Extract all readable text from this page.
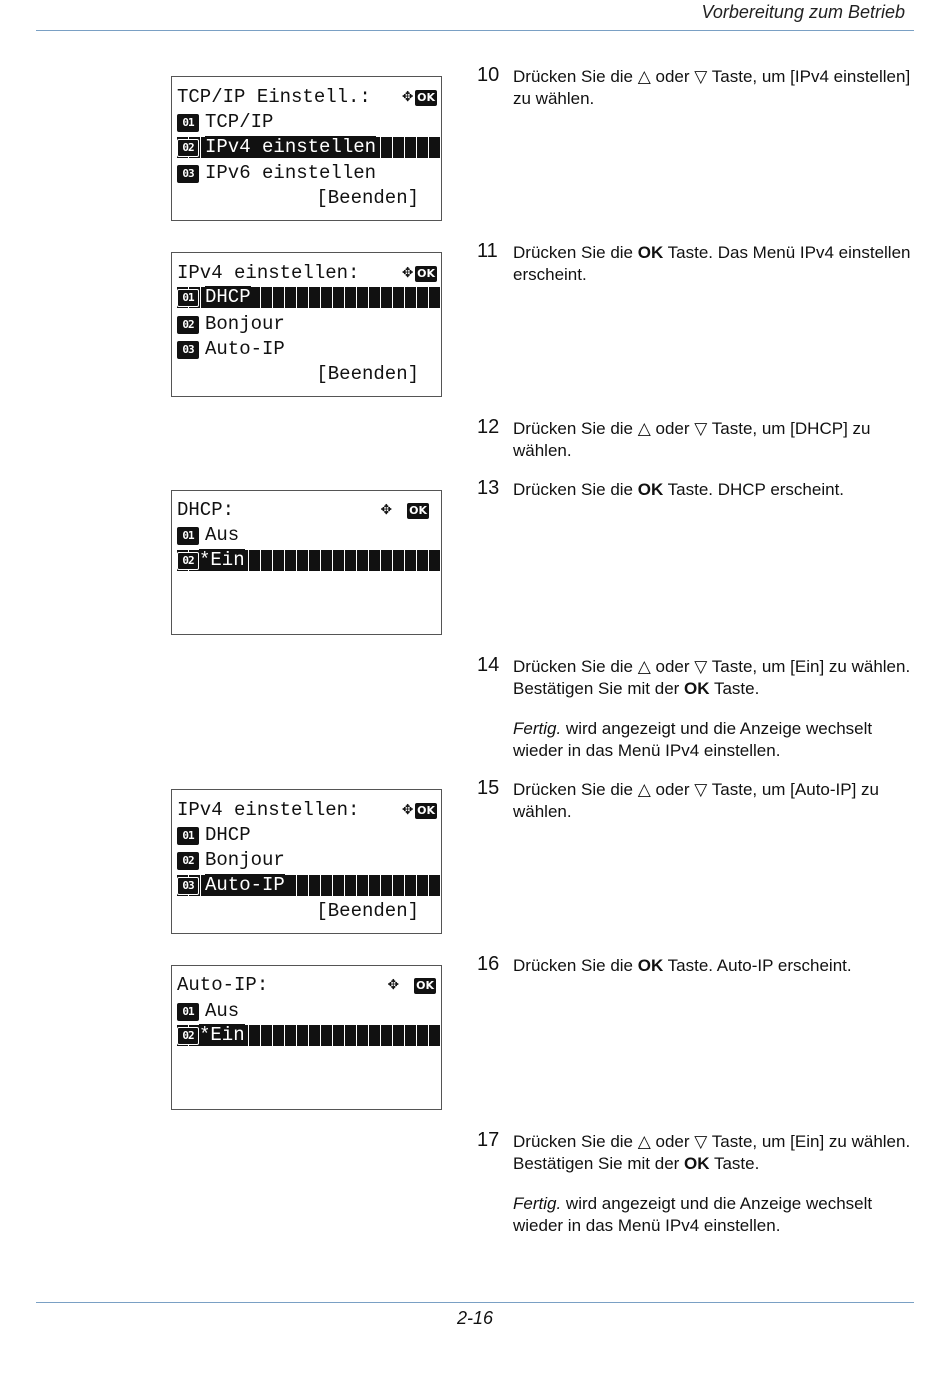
Vorbereitung zum Betrieb
TCP/IP Einstell.:
✥ OK

01 TCP/IP
02 IPv4 einstellen
03 IPv6 einstellen
[Beenden]
IPv4 einstellen:
✥ OK

01 DHCP
02 Bonjour
03 Auto-IP
[Beenden]
DHCP:
	✥
OK

01 Aus
02 *Ein
IPv4 einstellen:
✥ OK

01 DHCP
02 Bonjour
03 Auto-IP
[Beenden]
Auto-IP:
	✥
OK

01 Aus
02 *Ein
10 Drücken Sie die △ oder ▽ Taste, um [IPv4 einstellen] zu wählen.
11 Drücken Sie die OK Taste. Das Menü IPv4 einstellen erscheint.
12 Drücken Sie die △ oder ▽ Taste, um [DHCP] zu wählen.
13 Drücken Sie die OK Taste. DHCP erscheint.
14 Drücken Sie die △ oder ▽ Taste, um [Ein] zu wählen. Bestätigen Sie mit der OK Taste.
Fertig. wird angezeigt und die Anzeige wechselt wieder in das Menü IPv4 einstellen.
15 Drücken Sie die △ oder ▽ Taste, um [Auto-IP] zu wählen.
16 Drücken Sie die OK Taste. Auto-IP erscheint.
17 Drücken Sie die △ oder ▽ Taste, um [Ein] zu wählen. Bestätigen Sie mit der OK Taste.
Fertig. wird angezeigt und die Anzeige wechselt wieder in das Menü IPv4 einstellen.
2-16
